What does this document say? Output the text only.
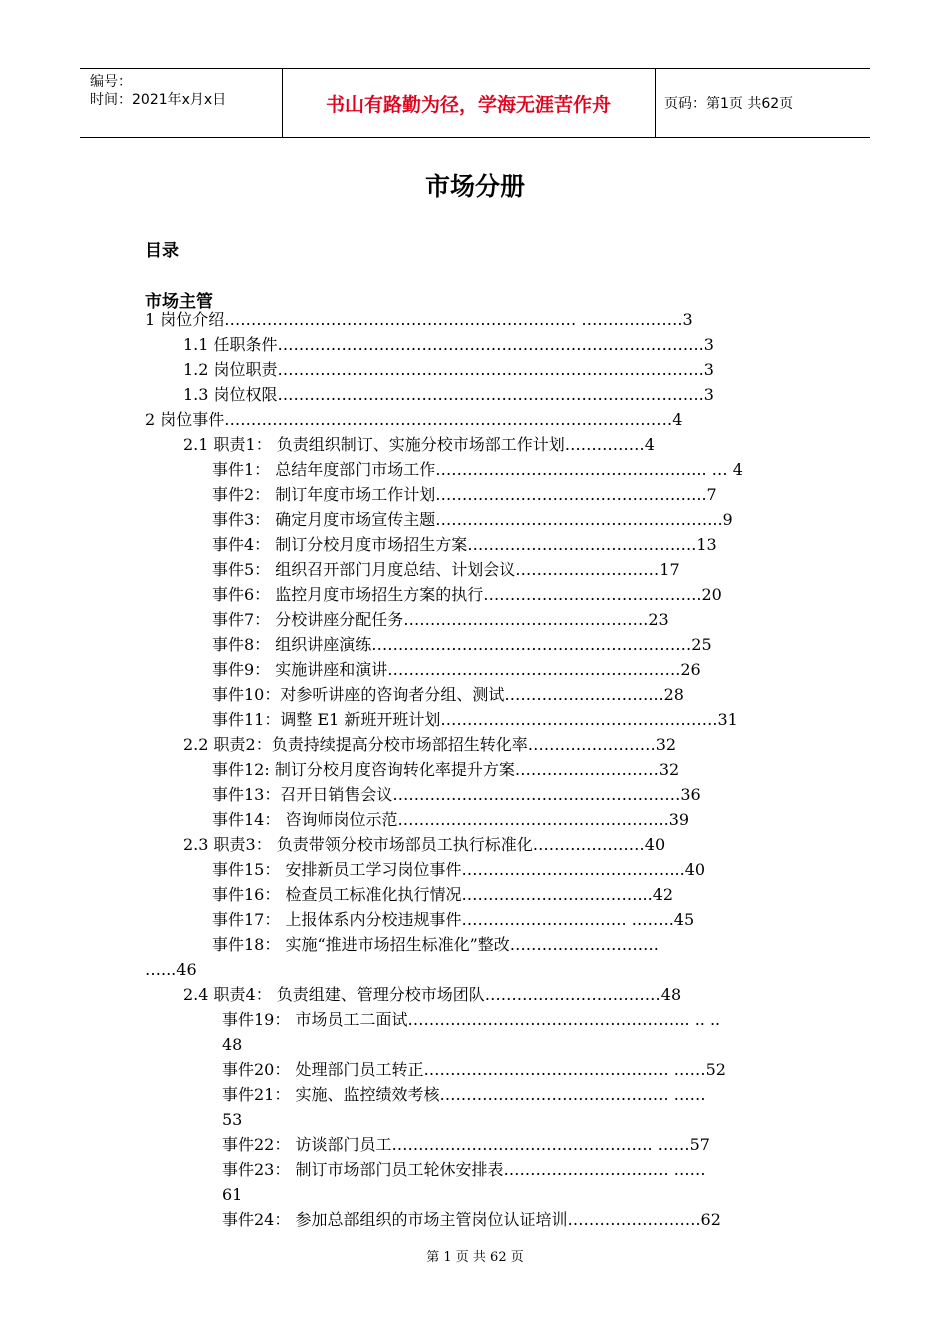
编号：
时间：2021年x月x日	书山有路勤为径，学海无涯苦作舟	页码：第1页 共62页
市场分册
目录
市场主管
1 岗位介绍………………………………………………………… ……………….3
1.1 任职条件……………………………………………………………………..3
1.2 岗位职责……………………………………………………………………..3
1.3 岗位权限……………………………………………………………………..3
2 岗位事件…………………………………………………………………………4
2.1 职责1： 负责组织制订、实施分校市场部工作计划……………4
事件1： 总结年度部门市场工作…………………………………………... … 4
事件2： 制订年度市场工作计划…………………………………………...7
事件3： 确定月度市场宣传主题……………………………………………...9
事件4： 制订分校月度市场招生方案…………………………………….13
事件5： 组织召开部门月度总结、计划会议………………………17
事件6： 监控月度市场招生方案的执行…………………………………..20
事件7： 分校讲座分配任务……………………………………….23
事件8： 组织讲座演练……………………………………………………25
事件9： 实施讲座和演讲……………………………………………….26
事件10：对参听讲座的咨询者分组、测试………………………...28
事件11：调整 E1 新班开班计划…………………………………………….31
2.2 职责2：负责持续提高分校市场部招生转化率……………………32
事件12: 制订分校月度咨询转化率提升方案………………………32
事件13：召开日销售会议………………………………………………36
事件14： 咨询师岗位示范…………………………………………...39
2.3 职责3： 负责带领分校市场部员工执行标准化…………………40
事件15： 安排新员工学习岗位事件…………………………………...40
事件16： 检查员工标准化执行情况……………………………...42
事件17： 上报体系内分校违规事件…………………………. ……..45
事件18： 实施“推进市场招生标准化”整改……………………….
…...46
2.4 职责4： 负责组建、管理分校市场团队……………………………48
事件19： 市场员工二面试…………………………………………….. .. ..
48
事件20： 处理部门员工转正………………………………………. ……52
事件21： 实施、监控绩效考核……………………………………. ……
53
事件22： 访谈部门员工…………………………………………. ……57
事件23： 制订市场部门员工轮休安排表…………………………. ……
61
事件24： 参加总部组织的市场主管岗位认证培训…………………….62
第 1 页 共 62 页
